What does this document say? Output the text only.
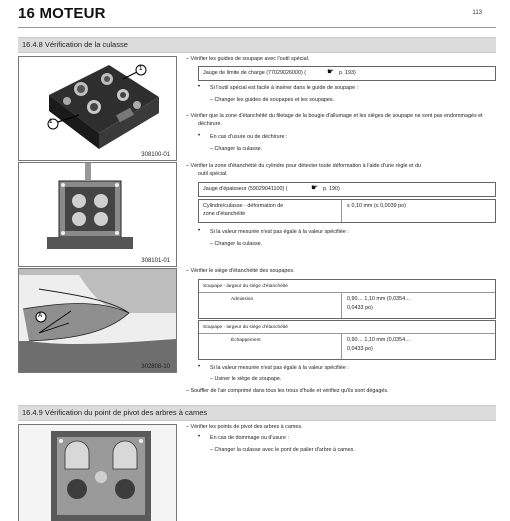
16 MOTEUR	113
16.4.8 Vérification de la culasse
1
1
308100-01
308101-01
A
302808-10
– Vérifier les guides de soupape avec l'outil spécial.
Jauge de limite de charge (77029026000) (	☛ p. 193)
• Si l'outil spécial est facile à insérer dans le guide de soupape :
– Changer les guides de soupapes et les soupapes.
– Vérifier que la zone d'étanchéité du filetage de la bougie d'allumage et les sièges de soupape ne sont pas endommagés et
déchirure.
• En cas d'usure ou de déchirure :
– Changer la culasse.
– Vérifier la zone d'étanchéité du cylindre pour détecter toute déformation à l'aide d'une règle et du
outil spécial.
Jauge d'épaisseur (59029041100) (	☛ p. 190)
Cylindre/culasse - déformation de
zone d'étanchéité
≤ 0,10 mm (≤ 0,0039 po)
• Si la valeur mesurée n'est pas égale à la valeur spécifiée :
– Changer la culasse.
– Vérifier le siège d'étanchéité des soupapes.
Soupape - largeur du siège d'étanchéité
Admission	0,90… 1,10 mm (0,0354…
0,0433 po)
Soupape - largeur du siège d'étanchéité
Échappement	0,90… 1,10 mm (0,0354…
0,0433 po)
• Si la valeur mesurée n'est pas égale à la valeur spécifiée :
– Usiner le siège de soupape.
– Souffler de l'air comprimé dans tous les trous d'huile et vérifiez qu'ils sont dégagés.
16.4.9 Vérification du point de pivot des arbres à cames
– Vérifier les points de pivot des arbres à cames.
• En cas de dommage ou d'usure :
– Changer la culasse avec le pont de palier d'arbre à cames.
